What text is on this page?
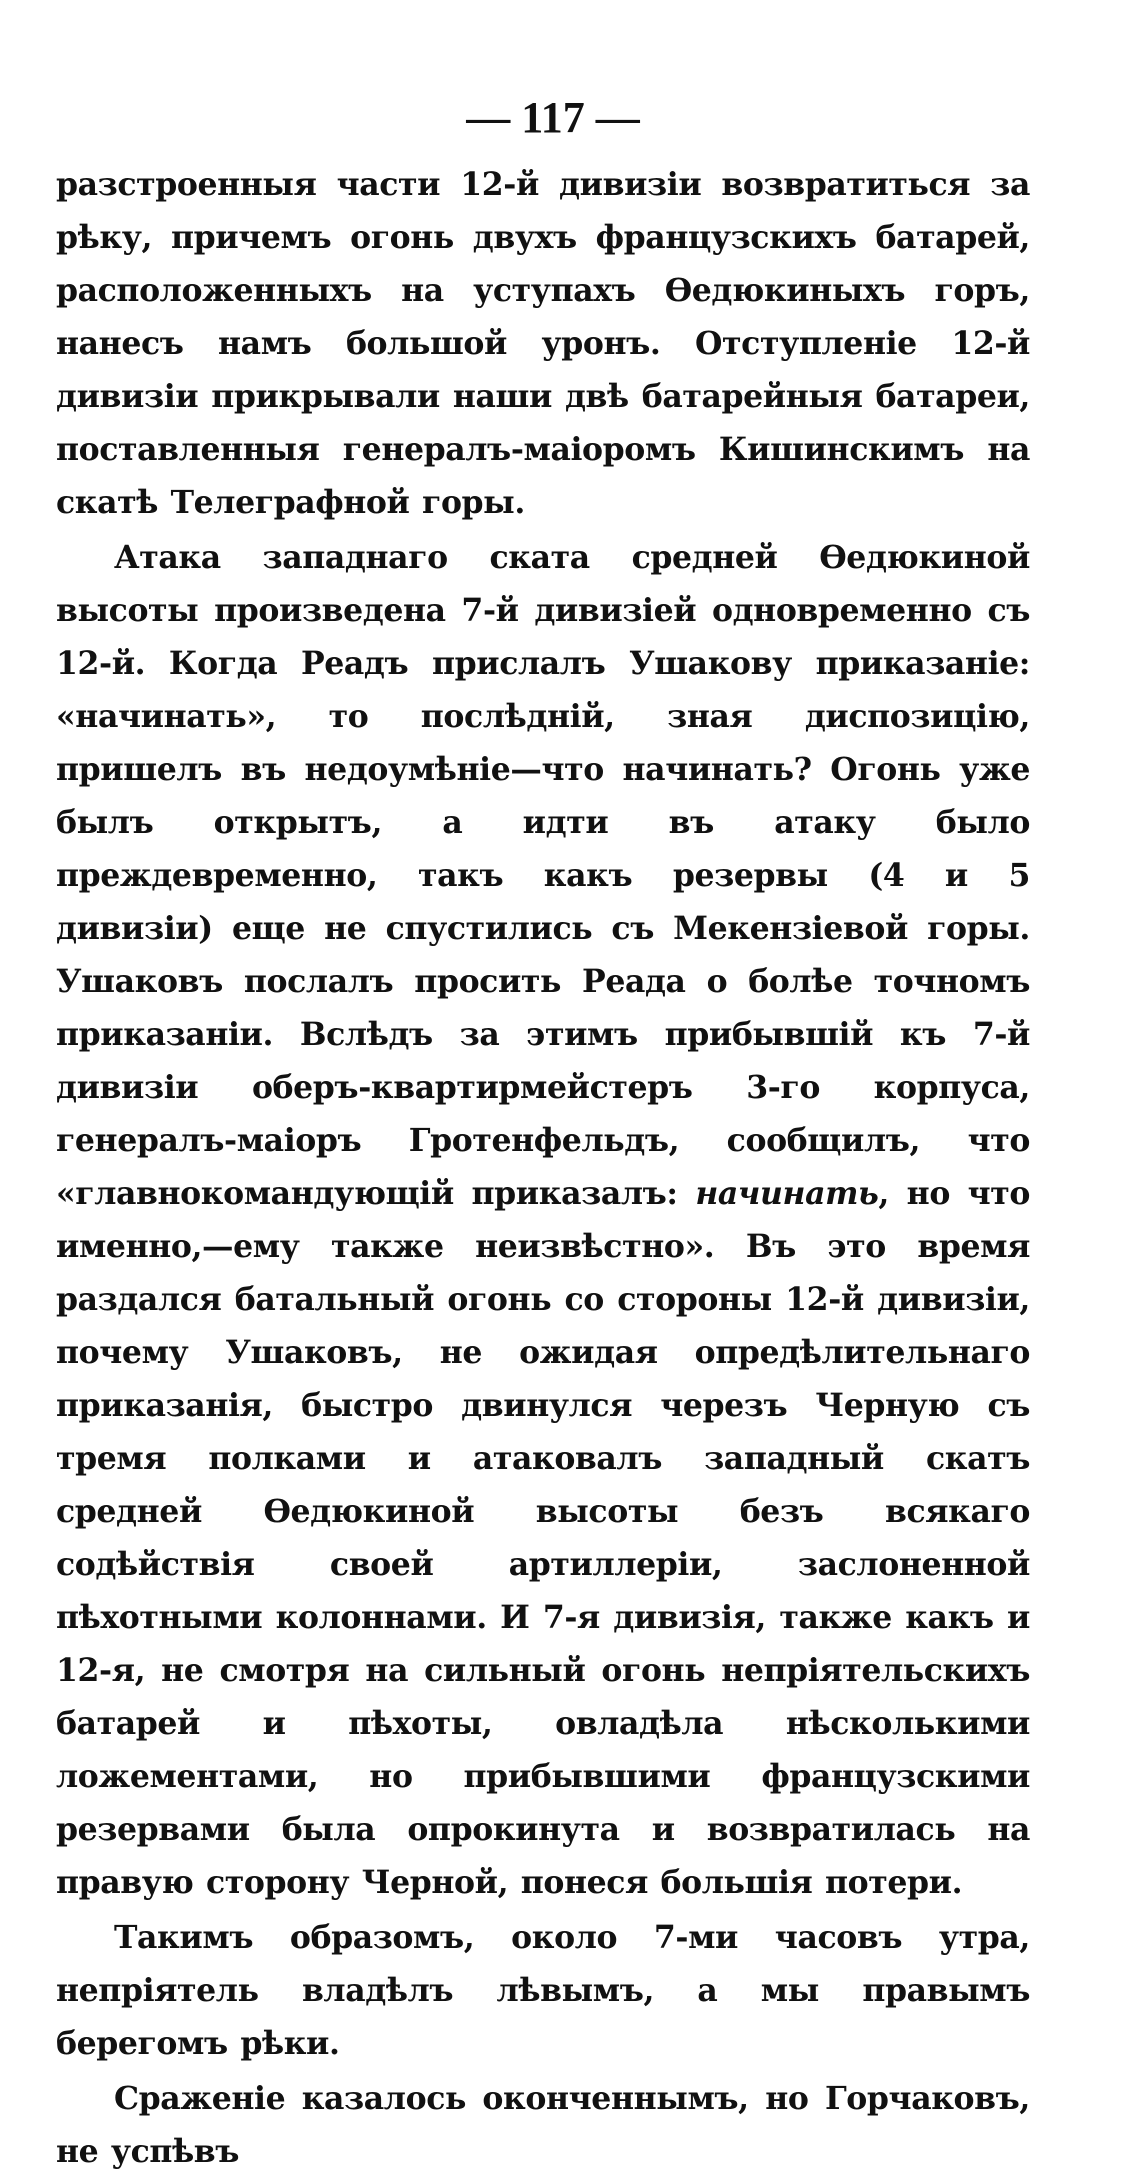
— 117 —

разстроенныя части 12-й дивизіи возвратиться за рѣку, причемъ огонь двухъ французскихъ батарей, расположенныхъ на уступахъ Ѳедюкиныхъ горъ, нанесъ намъ большой уронъ. Отступленіе 12-й дивизіи прикрывали наши двѣ батарейныя батареи, поставленныя генералъ-маіоромъ Кишинскимъ на скатѣ Телеграфной горы.

Атака западнаго ската средней Ѳедюкиной высоты произведена 7-й дивизіей одновременно съ 12-й. Когда Реадъ прислалъ Ушакову приказаніе: «начинать», то послѣдній, зная диспозицію, пришелъ въ недоумѣніе—что начинать? Огонь уже былъ открытъ, а идти въ атаку было преждевременно, такъ какъ резервы (4 и 5 дивизіи) еще не спустились съ Мекензіевой горы. Ушаковъ послалъ просить Реада о болѣе точномъ приказаніи. Вслѣдъ за этимъ прибывшій къ 7-й дивизіи оберъ-квартирмейстеръ 3-го корпуса, генералъ-маіоръ Гротенфельдъ, сообщилъ, что «главнокомандующій приказалъ: начинать, но что именно,—ему также неизвѣстно». Въ это время раздался батальный огонь со стороны 12-й дивизіи, почему Ушаковъ, не ожидая опредѣлительнаго приказанія, быстро двинулся черезъ Черную съ тремя полками и атаковалъ западный скатъ средней Ѳедюкиной высоты безъ всякаго содѣйствія своей артиллеріи, заслоненной пѣхотными колоннами. И 7-я дивизія, также какъ и 12-я, не смотря на сильный огонь непріятельскихъ батарей и пѣхоты, овладѣла нѣсколькими ложементами, но прибывшими французскими резервами была опрокинута и возвратилась на правую сторону Черной, понеся большія потери.

Такимъ образомъ, около 7-ми часовъ утра, непріятель владѣлъ лѣвымъ, а мы правымъ берегомъ рѣки.

Сраженіе казалось оконченнымъ, но Горчаковъ, не успѣвъ
